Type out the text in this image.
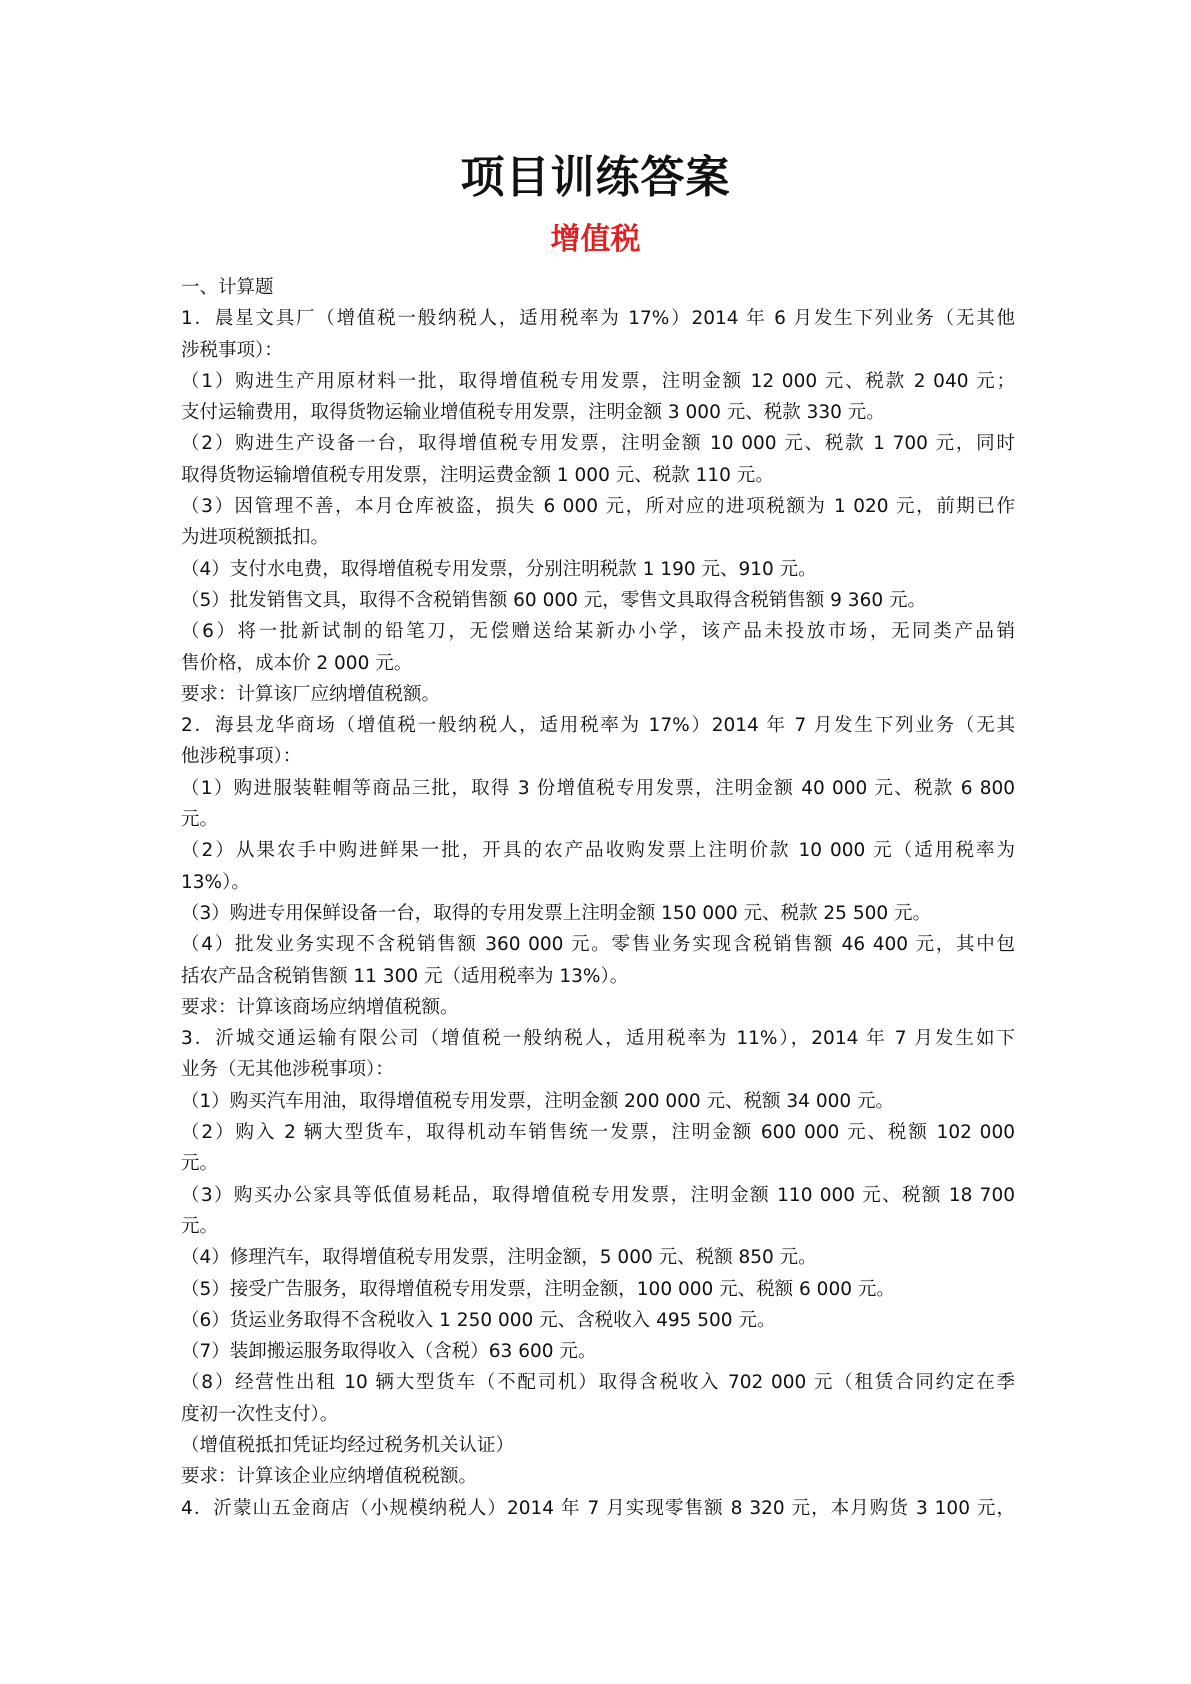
项目训练答案
增值税
一、计算题
1．晨星文具厂（增值税一般纳税人，适用税率为 17%）2014 年 6 月发生下列业务（无其他
涉税事项）：
（1）购进生产用原材料一批，取得增值税专用发票，注明金额 12 000 元、税款 2 040 元；
支付运输费用，取得货物运输业增值税专用发票，注明金额 3 000 元、税款 330 元。
（2）购进生产设备一台，取得增值税专用发票，注明金额 10 000 元、税款 1 700 元，同时
取得货物运输增值税专用发票，注明运费金额 1 000 元、税款 110 元。
（3）因管理不善，本月仓库被盗，损失 6 000 元，所对应的进项税额为 1 020 元，前期已作
为进项税额抵扣。
（4）支付水电费，取得增值税专用发票，分别注明税款 1 190 元、910 元。
（5）批发销售文具，取得不含税销售额 60 000 元，零售文具取得含税销售额 9 360 元。
（6）将一批新试制的铅笔刀，无偿赠送给某新办小学，该产品未投放市场，无同类产品销
售价格，成本价 2 000 元。
要求：计算该厂应纳增值税额。
2．海县龙华商场（增值税一般纳税人，适用税率为 17%）2014 年 7 月发生下列业务（无其
他涉税事项）：
（1）购进服装鞋帽等商品三批，取得 3 份增值税专用发票，注明金额 40 000 元、税款 6 800
元。
（2）从果农手中购进鲜果一批，开具的农产品收购发票上注明价款 10 000 元（适用税率为
13%）。
（3）购进专用保鲜设备一台，取得的专用发票上注明金额 150 000 元、税款 25 500 元。
（4）批发业务实现不含税销售额 360 000 元。零售业务实现含税销售额 46 400 元，其中包
括农产品含税销售额 11 300 元（适用税率为 13%）。
要求：计算该商场应纳增值税额。
3．沂城交通运输有限公司（增值税一般纳税人，适用税率为 11%），2014 年 7 月发生如下
业务（无其他涉税事项）：
（1）购买汽车用油，取得增值税专用发票，注明金额 200 000 元、税额 34 000 元。
（2）购入 2 辆大型货车，取得机动车销售统一发票，注明金额 600 000 元、税额 102 000
元。
（3）购买办公家具等低值易耗品，取得增值税专用发票，注明金额 110 000 元、税额 18 700
元。
（4）修理汽车，取得增值税专用发票，注明金额，5 000 元、税额 850 元。
（5）接受广告服务，取得增值税专用发票，注明金额，100 000 元、税额 6 000 元。
（6）货运业务取得不含税收入 1 250 000 元、含税收入 495 500 元。
（7）装卸搬运服务取得收入（含税）63 600 元。
（8）经营性出租 10 辆大型货车（不配司机）取得含税收入 702 000 元（租赁合同约定在季
度初一次性支付）。
（增值税抵扣凭证均经过税务机关认证）
要求：计算该企业应纳增值税税额。
4．沂蒙山五金商店（小规模纳税人）2014 年 7 月实现零售额 8 320 元，本月购货 3 100 元，
